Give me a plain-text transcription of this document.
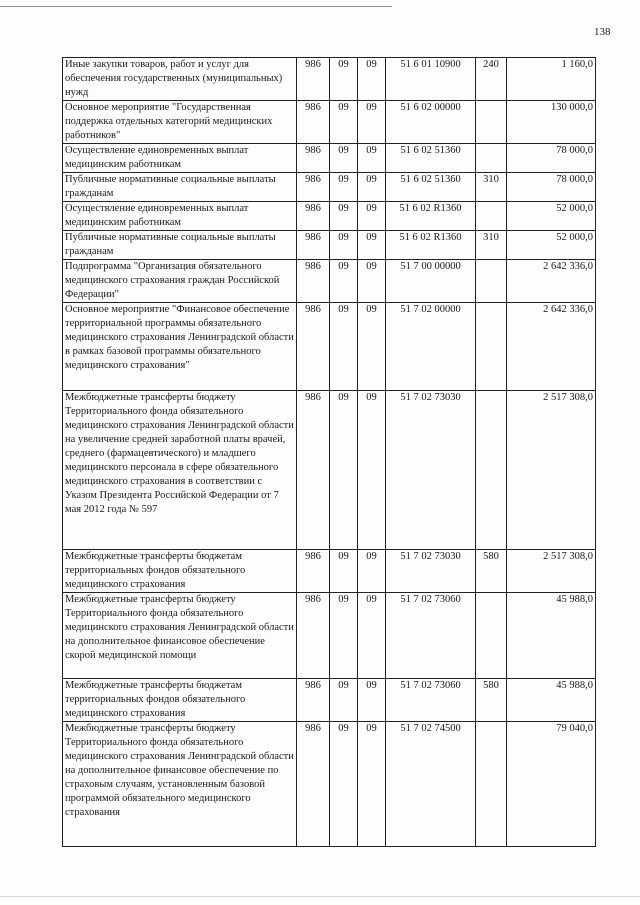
138
Иные закупки товаров, работ и услуг для обеспечения государственных (муниципальных) нужд	986	09	09	51 6 01 10900	240	1 160,0
Основное мероприятие "Государственная поддержка отдельных категорий медицинских работников"	986	09	09	51 6 02 00000		130 000,0
Осуществление единовременных выплат медицинским работникам	986	09	09	51 6 02 51360		78 000,0
Публичные нормативные социальные выплаты гражданам	986	09	09	51 6 02 51360	310	78 000,0
Осуществление единовременных выплат медицинским работникам	986	09	09	51 6 02 R1360		52 000,0
Публичные нормативные социальные выплаты гражданам	986	09	09	51 6 02 R1360	310	52 000,0
Подпрограмма "Организация обязательного медицинского страхования граждан Российской Федерации"	986	09	09	51 7 00 00000		2 642 336,0
Основное мероприятие "Финансовое обеспечение территориальной программы обязательного медицинского страхования Ленинградской области в рамках базовой программы обязательного медицинского страхования"	986	09	09	51 7 02 00000		2 642 336,0
Межбюджетные трансферты бюджету Территориального фонда обязательного медицинского страхования Ленинградской области на увеличение средней заработной платы врачей, среднего (фармацевтического) и младшего медицинского персонала в сфере обязательного медицинского страхования в соответствии с Указом Президента Российской Федерации от 7 мая 2012 года № 597	986	09	09	51 7 02 73030		2 517 308,0
Межбюджетные трансферты бюджетам территориальных фондов обязательного медицинского страхования	986	09	09	51 7 02 73030	580	2 517 308,0
Межбюджетные трансферты бюджету Территориального фонда обязательного медицинского страхования Ленинградской области на дополнительное финансовое обеспечение скорой медицинской помощи	986	09	09	51 7 02 73060		45 988,0
Межбюджетные трансферты бюджетам территориальных фондов обязательного медицинского страхования	986	09	09	51 7 02 73060	580	45 988,0
Межбюджетные трансферты бюджету Территориального фонда обязательного медицинского страхования Ленинградской области на дополнительное финансовое обеспечение по страховым случаям, установленным базовой программой обязательного медицинского страхования	986	09	09	51 7 02 74500		79 040,0
